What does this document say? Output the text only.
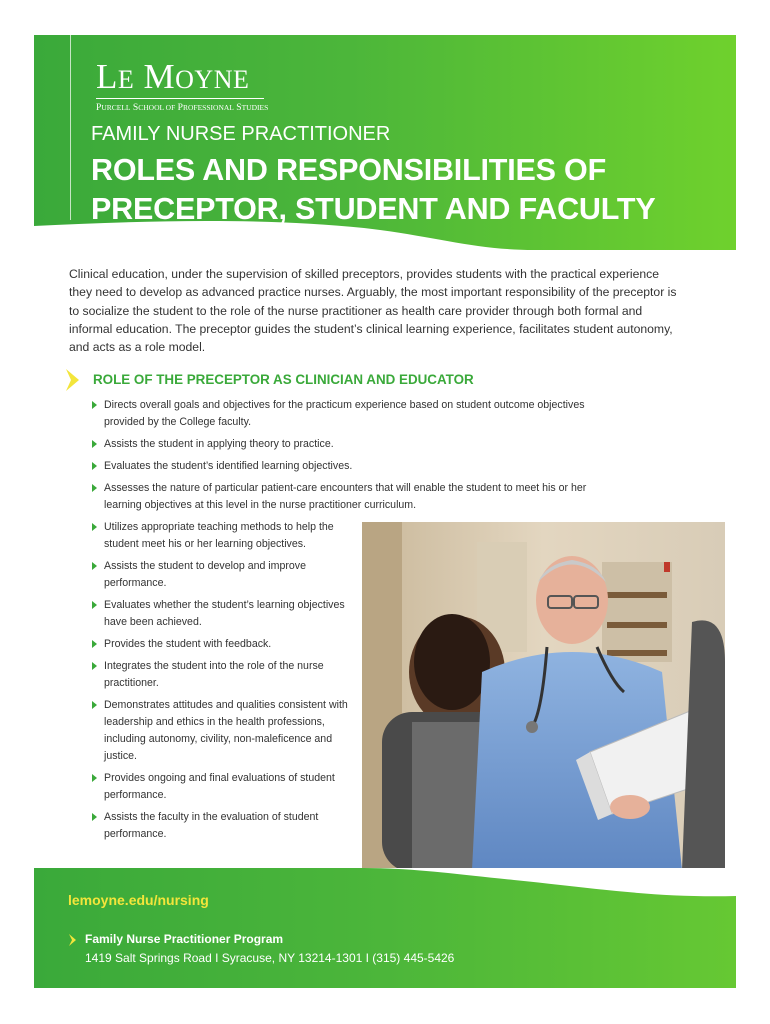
LE MOYNE
PURCELL SCHOOL OF PROFESSIONAL STUDIES
FAMILY NURSE PRACTITIONER
ROLES AND RESPONSIBILITIES OF
PRECEPTOR, STUDENT AND FACULTY
Clinical education, under the supervision of skilled preceptors, provides students with the practical experience they need to develop as advanced practice nurses. Arguably, the most important responsibility of the preceptor is to socialize the student to the role of the nurse practitioner as health care provider through both formal and informal education. The preceptor guides the student’s clinical learning experience, facilitates student autonomy, and acts as a role model.
ROLE OF THE PRECEPTOR AS CLINICIAN AND EDUCATOR
Directs overall goals and objectives for the practicum experience based on student outcome objectives provided by the College faculty.
Assists the student in applying theory to practice.
Evaluates the student’s identified learning objectives.
Assesses the nature of particular patient-care encounters that will enable the student to meet his or her learning objectives at this level in the nurse practitioner curriculum.
Utilizes appropriate teaching methods to help the student meet his or her learning objectives.
Assists the student to develop and improve performance.
Evaluates whether the student’s learning objectives have been achieved.
Provides the student with feedback.
Integrates the student into the role of the nurse practitioner.
Demonstrates attitudes and qualities consistent with leadership and ethics in the health professions, including autonomy, civility, non-maleficence and justice.
Provides ongoing and final evaluations of student performance.
Assists the faculty in the evaluation of student performance.
lemoyne.edu/nursing
Family Nurse Practitioner Program
1419 Salt Springs Road I Syracuse, NY 13214-1301 I (315) 445-5426
